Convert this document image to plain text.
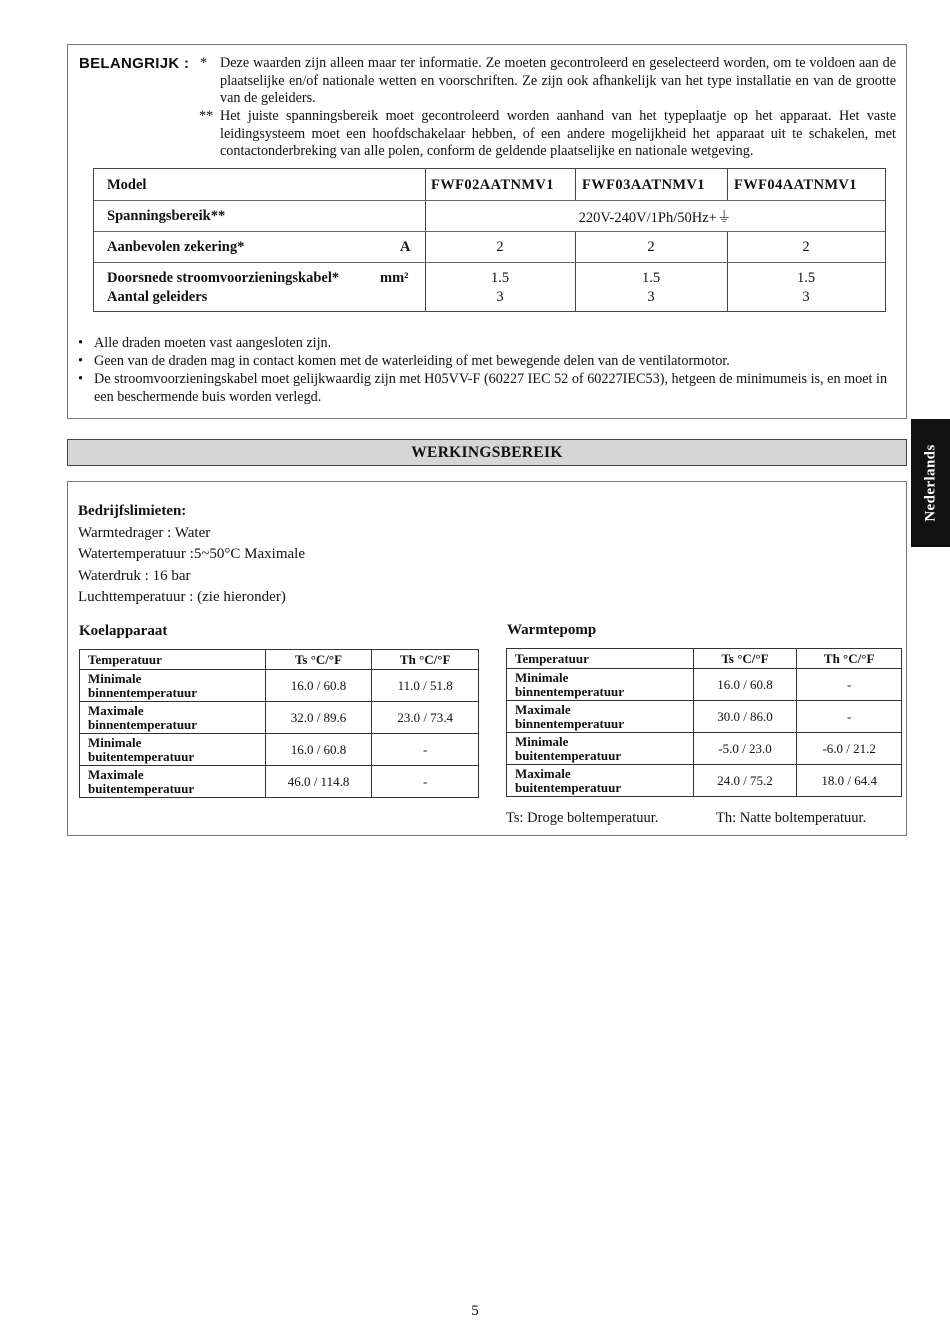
BELANGRIJK : * Deze waarden zijn alleen maar ter informatie. Ze moeten gecontroleerd en geselecteerd worden, om te voldoen aan de plaatselijke en/of nationale wetten en voorschriften. Ze zijn ook afhankelijk van het type installatie en van de grootte van de geleiders.
** Het juiste spanningsbereik moet gecontroleerd worden aanhand van het typeplaatje op het apparaat. Het vaste leidingsysteem moet een hoofdschakelaar hebben, of een andere mogelijkheid het apparaat uit te schakelen, met contactonderbreking van alle polen, conform de geldende plaatselijke en nationale wetgeving.
Model	FWF02AATNMV1 FWF03AATNMV1 FWF04AATNMV1
Spanningsbereik**	220V-240V/1Ph/50Hz+⏚
Aanbevolen zekering*	A	2	2	2
Doorsnede stroomvoorzieningskabel*	mm²	1.5	1.5	1.5
Aantal geleiders	3	3	3
• Alle draden moeten vast aangesloten zijn.
• Geen van de draden mag in contact komen met de waterleiding of met bewegende delen van de ventilatormotor.
• De stroomvoorzieningskabel moet gelijkwaardig zijn met H05VV-F (60227 IEC 52 of 60227IEC53), hetgeen de minimumeis is, en moet in een beschermende buis worden verlegd.
WERKINGSBEREIK	Nederlands
Bedrijfslimieten:
Warmtedrager : Water
Watertemperatuur :5~50°C Maximale
Waterdruk : 16 bar
Luchttemperatuur : (zie hieronder)
Koelapparaat	Warmtepomp
Temperatuur	Ts °C/°F	Th °C/°F
Minimale
binnentemperatuur	16.0 / 60.8	11.0 / 51.8
Maximale
binnentemperatuur	32.0 / 89.6	23.0 / 73.4
Minimale
buitentemperatuur	16.0 / 60.8	-
Maximale
buitentemperatuur	46.0 / 114.8	-
Temperatuur	Ts °C/°F	Th °C/°F
Minimale
binnentemperatuur	16.0 / 60.8	-
Maximale
binnentemperatuur	30.0 / 86.0	-
Minimale
buitentemperatuur	-5.0 / 23.0	-6.0 / 21.2
Maximale
buitentemperatuur	24.0 / 75.2	18.0 / 64.4
Ts: Droge boltemperatuur.	Th: Natte boltemperatuur.
5
